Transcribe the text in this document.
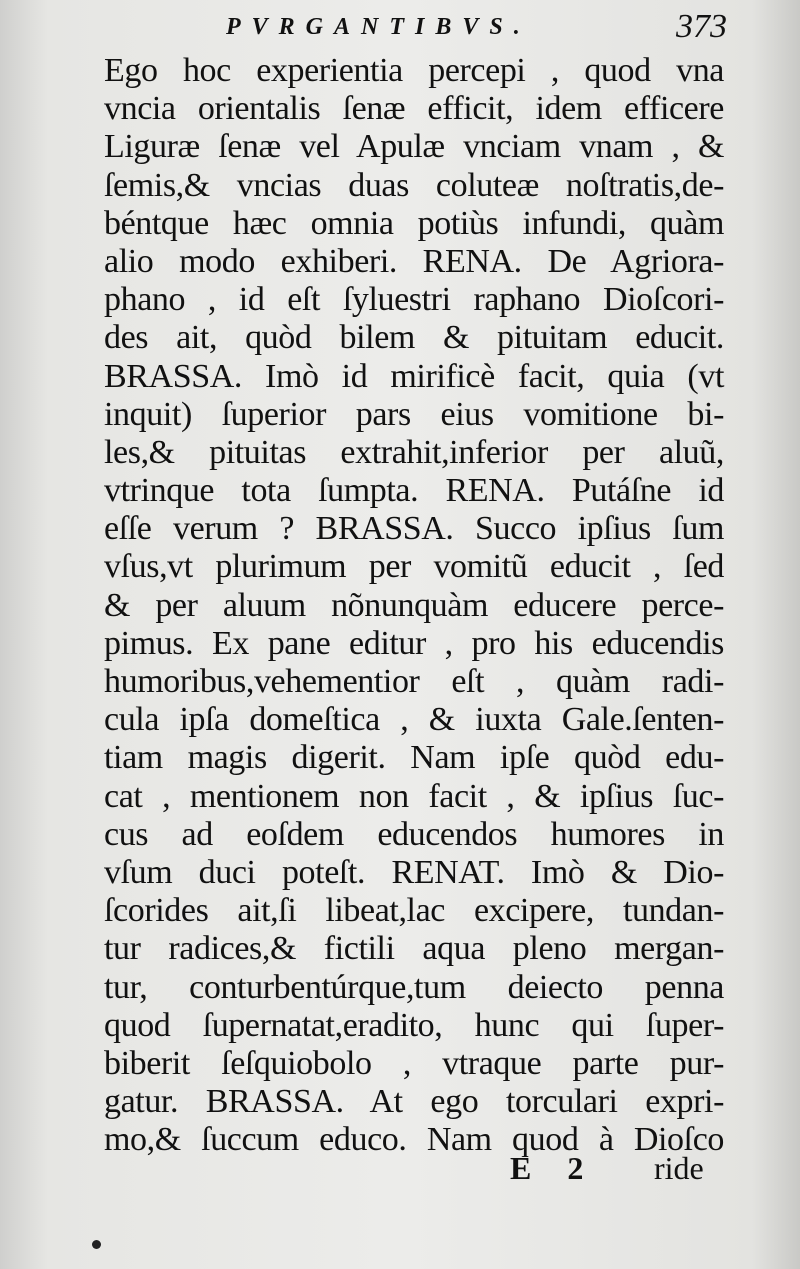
PVRGANTIBVS.	373
Ego hoc experientia percepi , quod vna
vncia orientalis ſenæ efficit, idem efficere
Liguræ ſenæ vel Apulæ vnciam vnam , &
ſemis,& vncias duas coluteæ noſtratis,de-
béntque hæc omnia potiùs infundi, quàm
alio modo exhiberi. RENA. De Agriora-
phano , id eſt ſyluestri raphano Dioſcori-
des ait, quòd bilem & pituitam educit.
BRASSA. Imò id mirificè facit, quia (vt
inquit) ſuperior pars eius vomitione bi-
les,& pituitas extrahit,inferior per aluũ,
vtrinque tota ſumpta. RENA. Putáſne id
eſſe verum ? BRASSA. Succo ipſius ſum
vſus,vt plurimum per vomitũ educit , ſed
& per aluum nõnunquàm educere perce-
pimus. Ex pane editur , pro his educendis
humoribus,vehementior eſt , quàm radi-
cula ipſa domeſtica , & iuxta Gale.ſenten-
tiam magis digerit. Nam ipſe quòd edu-
cat , mentionem non facit , & ipſius ſuc-
cus ad eoſdem educendos humores in
vſum duci poteſt. RENAT. Imò & Dio-
ſcorides ait,ſi libeat,lac excipere, tundan-
tur radices,& fictili aqua pleno mergan-
tur, conturbentúrque,tum deiecto penna
quod ſupernatat,eradito, hunc qui ſuper-
biberit ſeſquiobolo , vtraque parte pur-
gatur. BRASSA. At ego torculari expri-
mo,& ſuccum educo. Nam quod à Dioſco
E 2 ride
